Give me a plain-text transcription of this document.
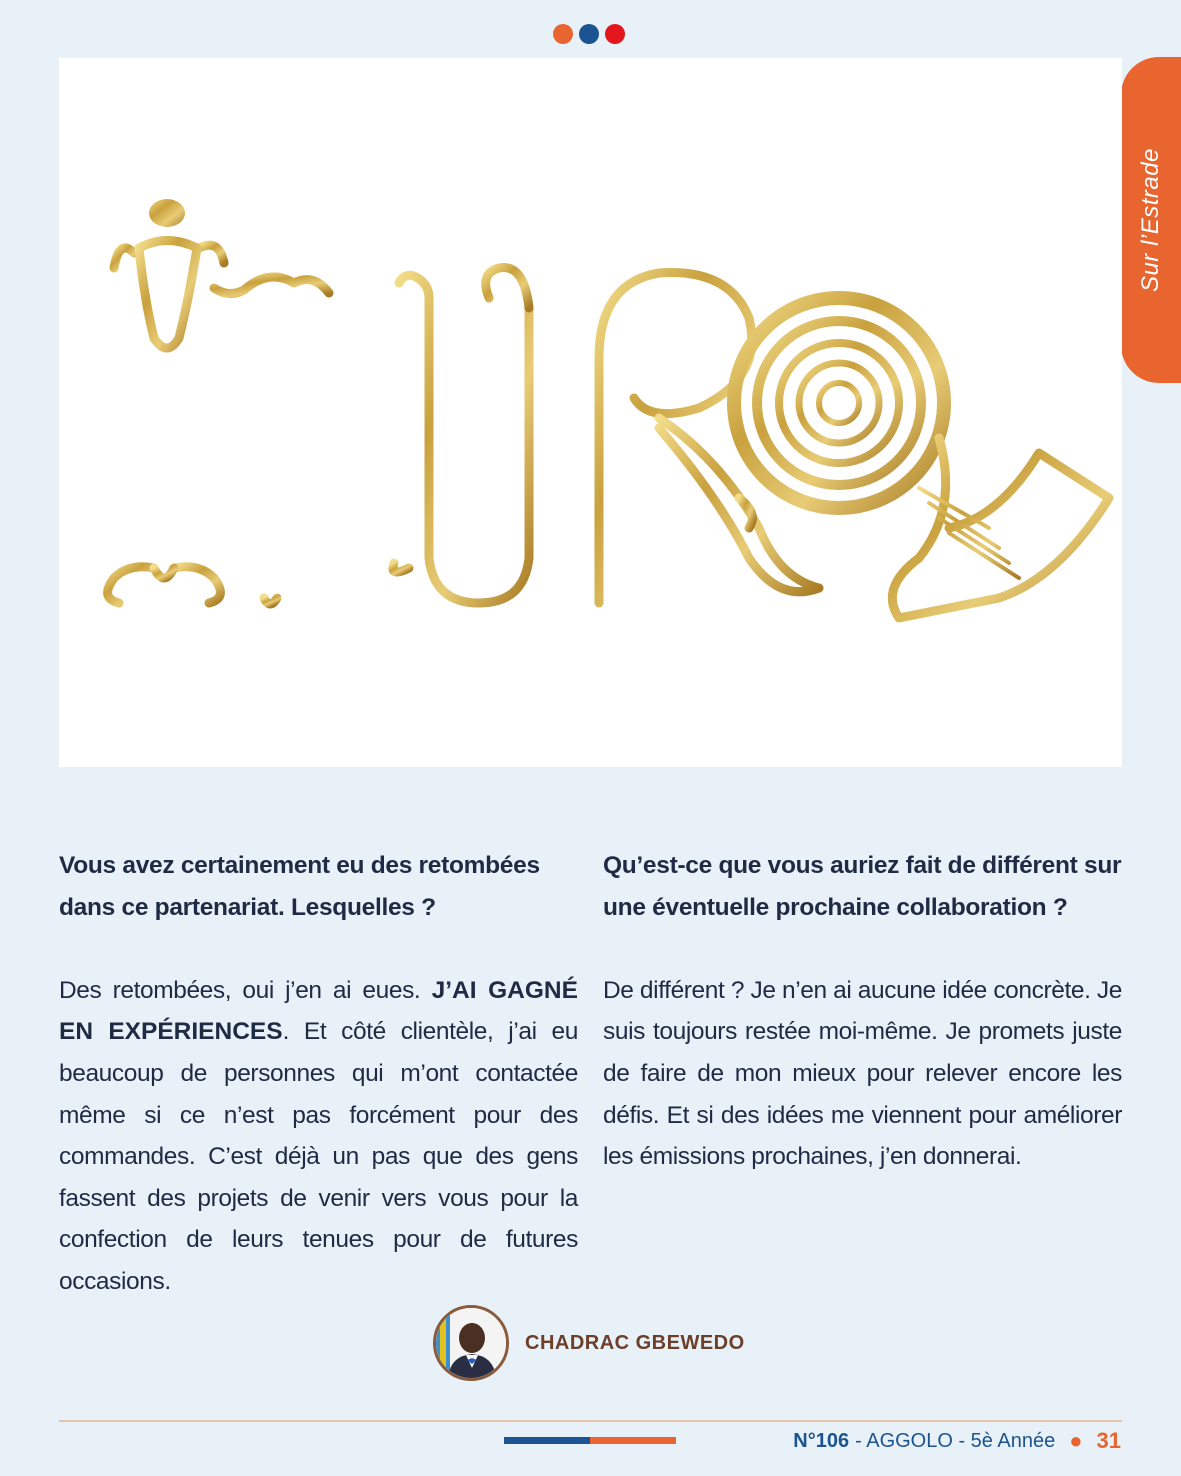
Sur l’Estrade

Vous avez certainement eu des retombées dans ce partenariat. Lesquelles ?

Des retombées, oui j’en ai eues. J’AI GAGNÉ EN EXPÉRIENCES. Et côté clientèle, j’ai eu beaucoup de personnes qui m’ont contactée même si ce n’est pas forcément pour des commandes. C’est déjà un pas que des gens fassent des projets de venir vers vous pour la confection de leurs tenues pour de futures occasions.

Qu’est-ce que vous auriez fait de différent sur une éventuelle prochaine collaboration ?

De différent ? Je n’en ai aucune idée concrète. Je suis toujours restée moi-même. Je promets juste de faire de mon mieux pour relever encore les défis. Et si des idées me viennent pour améliorer les émissions prochaines, j’en donnerai.

CHADRAC GBEWEDO
N°106 - AGGOLO - 5è Année ● 31
